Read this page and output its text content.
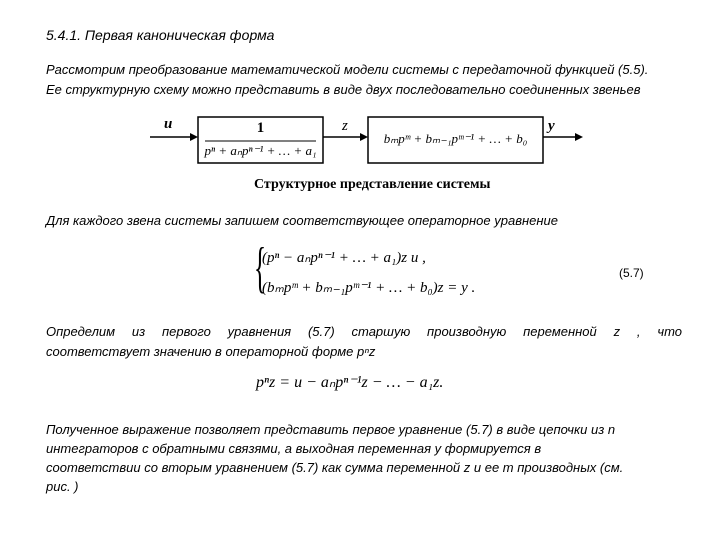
5.4.1. Первая каноническая форма
Рассмотрим преобразование математической модели системы с передаточной функцией (5.5).
Ее структурную схему можно представить в виде двух последовательно соединенных звеньев
u	z	y
1
pⁿ + aₙpⁿ⁻¹ + … + a₁
bₘpᵐ + bₘ₋₁pᵐ⁻¹ + … + b₀
Структурное представление системы
Для каждого звена системы запишем соответствующее операторное уравнение
{
(pⁿ − aₙpⁿ⁻¹ + … + a₁)z u ,
(bₘpᵐ + bₘ₋₁pᵐ⁻¹ + … + b₀)z = y .
(5.7)
Определим из первого уравнения (5.7) старшую производную переменной z , что
соответствует значению в операторной форме pⁿz
pⁿz = u − aₙpⁿ⁻¹z − … − a₁z.
Полученное выражение позволяет представить первое уравнение (5.7) в виде цепочки из n
интеграторов с обратными связями, а выходная переменная y формируется в
соответствии со вторым уравнением (5.7) как сумма переменной z и ее m производных (см.
рис. )
